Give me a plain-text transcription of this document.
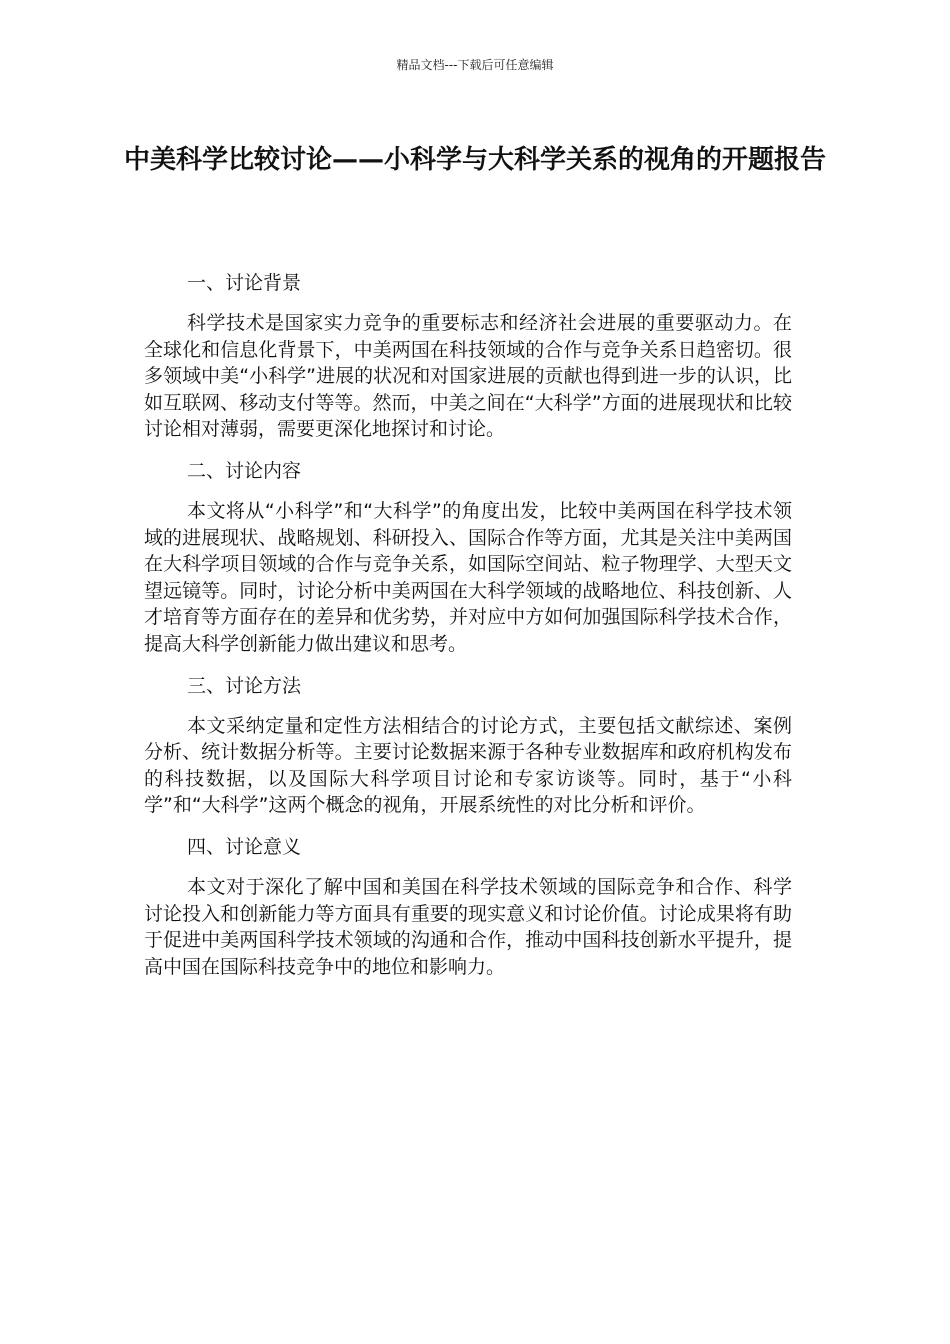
精品文档---下载后可任意编辑
中美科学比较讨论——小科学与大科学关系的视角的开题报告
一、讨论背景

科学技术是国家实力竞争的重要标志和经济社会进展的重要驱动力。在全球化和信息化背景下，中美两国在科技领域的合作与竞争关系日趋密切。很多领域中美“小科学”进展的状况和对国家进展的贡献也得到进一步的认识，比如互联网、移动支付等等。然而，中美之间在“大科学”方面的进展现状和比较讨论相对薄弱，需要更深化地探讨和讨论。

二、讨论内容

本文将从“小科学”和“大科学”的角度出发，比较中美两国在科学技术领域的进展现状、战略规划、科研投入、国际合作等方面，尤其是关注中美两国在大科学项目领域的合作与竞争关系，如国际空间站、粒子物理学、大型天文望远镜等。同时，讨论分析中美两国在大科学领域的战略地位、科技创新、人才培育等方面存在的差异和优劣势，并对应中方如何加强国际科学技术合作，提高大科学创新能力做出建议和思考。

三、讨论方法

本文采纳定量和定性方法相结合的讨论方式，主要包括文献综述、案例分析、统计数据分析等。主要讨论数据来源于各种专业数据库和政府机构发布的科技数据，以及国际大科学项目讨论和专家访谈等。同时，基于“小科学”和“大科学”这两个概念的视角，开展系统性的对比分析和评价。

四、讨论意义

本文对于深化了解中国和美国在科学技术领域的国际竞争和合作、科学讨论投入和创新能力等方面具有重要的现实意义和讨论价值。讨论成果将有助于促进中美两国科学技术领域的沟通和合作，推动中国科技创新水平提升，提高中国在国际科技竞争中的地位和影响力。
